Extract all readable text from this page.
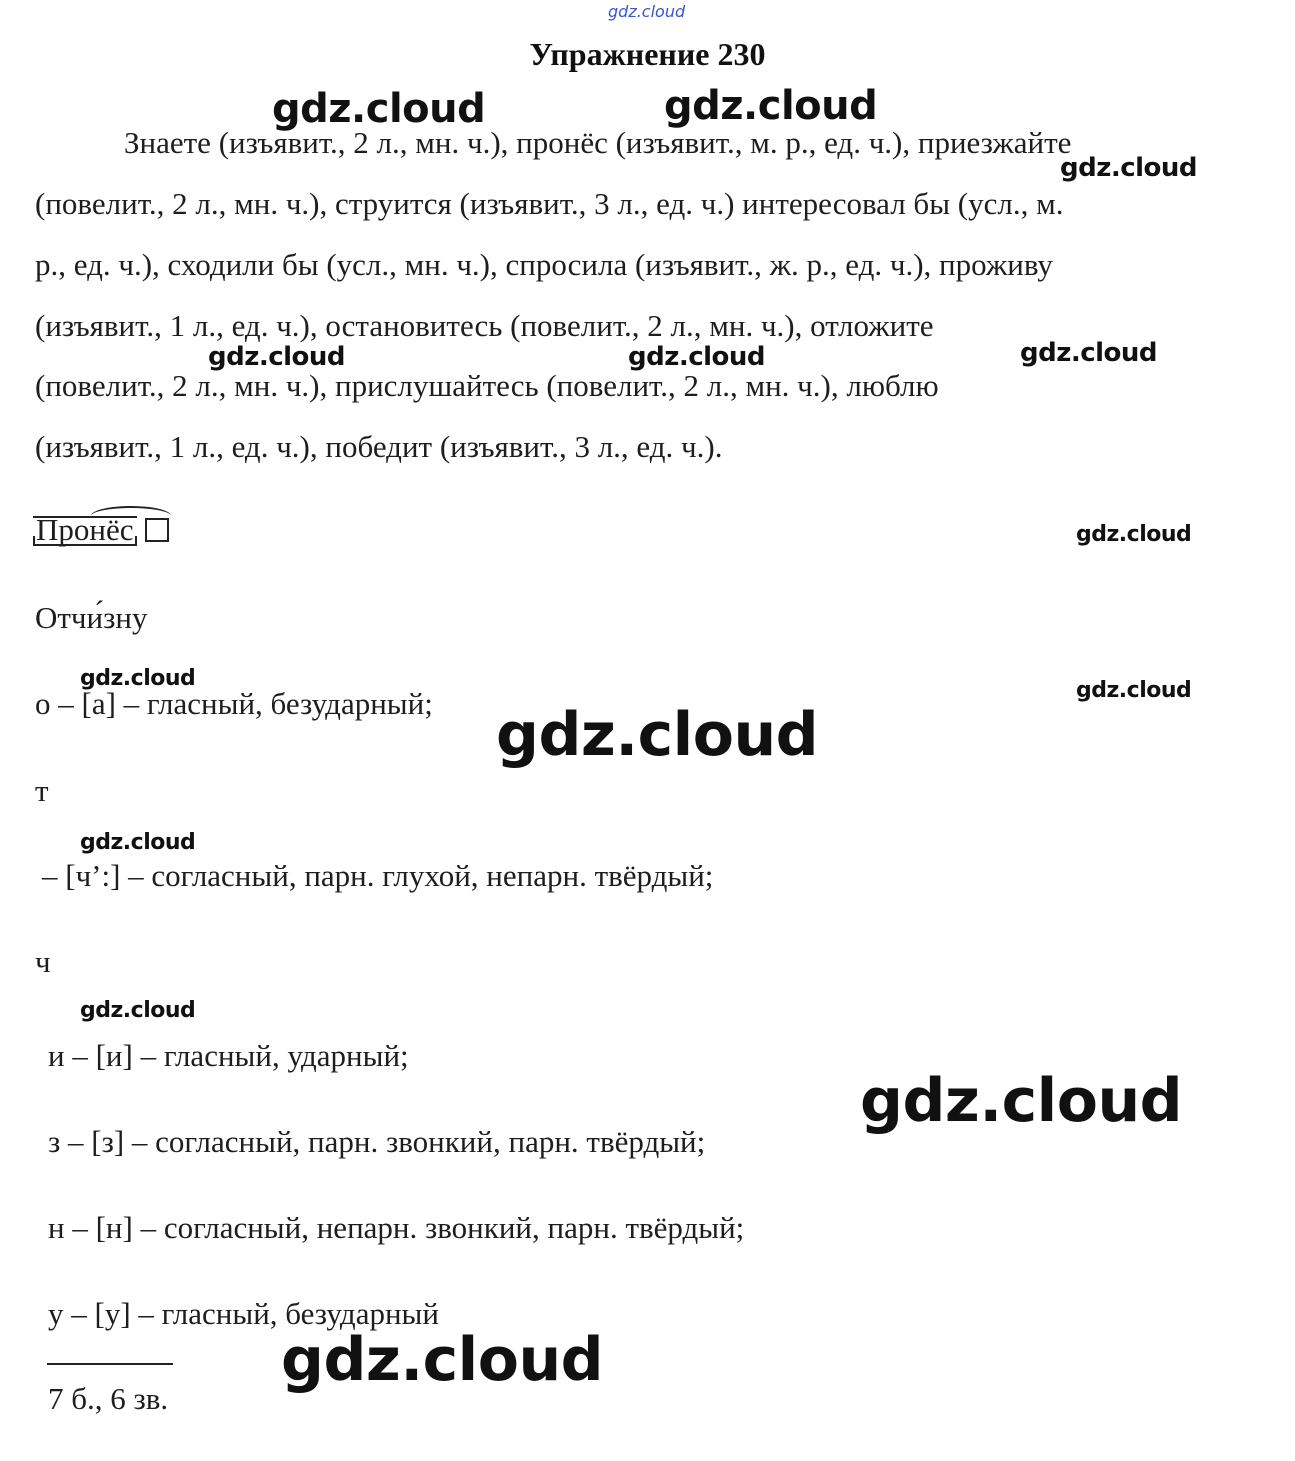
gdz.cloud
Упражнение 230
Знаете (изъявит., 2 л., мн. ч.), пронёс (изъявит., м. р., ед. ч.), приезжайте
(повелит., 2 л., мн. ч.), струится (изъявит., 3 л., ед. ч.) интересовал бы (усл., м.
р., ед. ч.), сходили бы (усл., мн. ч.), спросила (изъявит., ж. р., ед. ч.), проживу
(изъявит., 1 л., ед. ч.), остановитесь (повелит., 2 л., мн. ч.), отложите
(повелит., 2 л., мн. ч.), прислушайтесь (повелит., 2 л., мн. ч.), люблю
(изъявит., 1 л., ед. ч.), победит (изъявит., 3 л., ед. ч.).
Пронёс
Отчи́зну
о – [а] – гласный, безударный;
т
– [ч’:] – согласный, парн. глухой, непарн. твёрдый;
ч
и – [и] – гласный, ударный;
з – [з] – согласный, парн. звонкий, парн. твёрдый;
н – [н] – согласный, непарн. звонкий, парн. твёрдый;
у – [у] – гласный, безударный
7 б., 6 зв.
gdz.cloud	gdz.cloud
gdz.cloud
gdz.cloud	gdz.cloud	gdz.cloud
gdz.cloud
gdz.cloud	gdz.cloud
gdz.cloud
gdz.cloud
gdz.cloud
gdz.cloud
gdz.cloud
